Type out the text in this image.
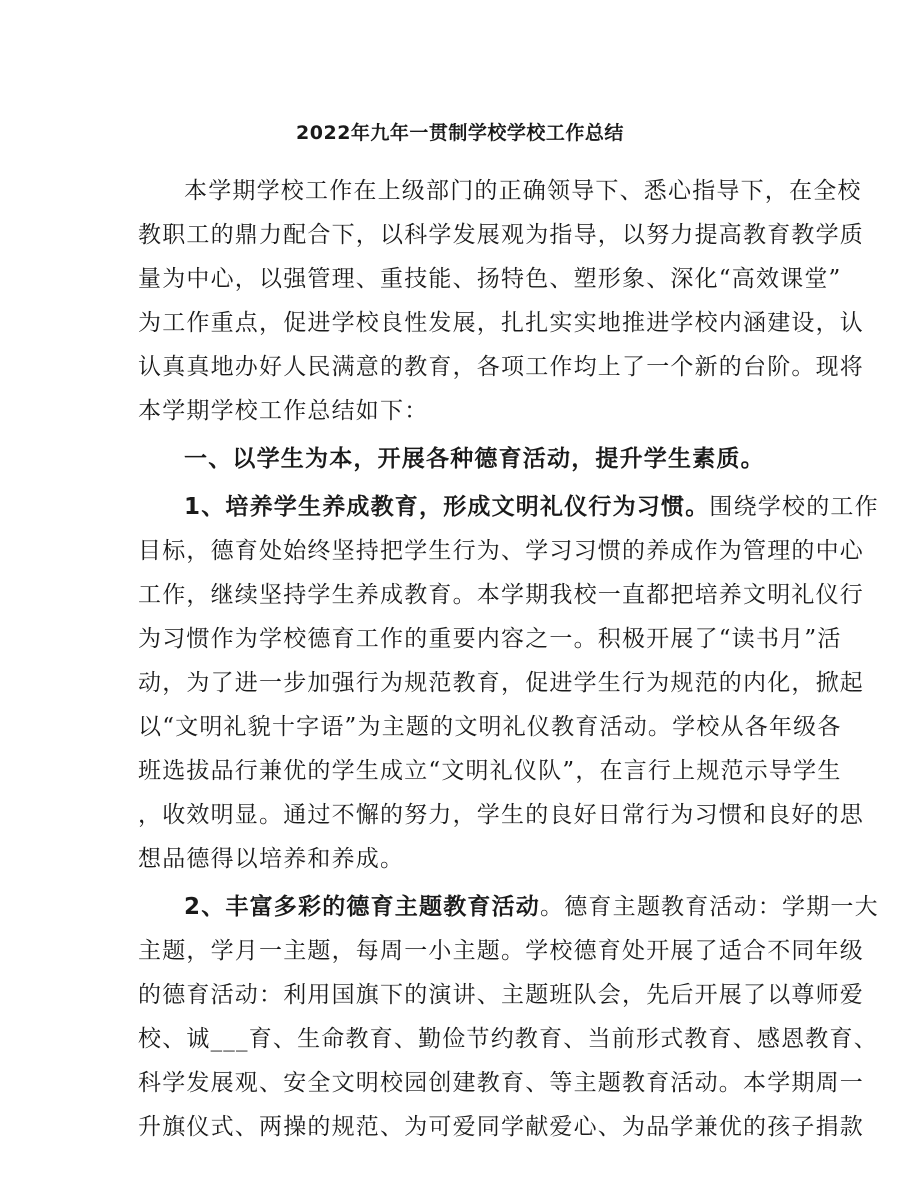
2022年九年一贯制学校学校工作总结
本学期学校工作在上级部门的正确领导下、悉心指导下，在全校
教职工的鼎力配合下，以科学发展观为指导，以努力提高教育教学质
量为中心，以强管理、重技能、扬特色、塑形象、深化“高效课堂”
为工作重点，促进学校良性发展，扎扎实实地推进学校内涵建设，认
认真真地办好人民满意的教育，各项工作均上了一个新的台阶。现将
本学期学校工作总结如下：
一、以学生为本，开展各种德育活动，提升学生素质。
1、培养学生养成教育，形成文明礼仪行为习惯。围绕学校的工作
目标，德育处始终坚持把学生行为、学习习惯的养成作为管理的中心
工作，继续坚持学生养成教育。本学期我校一直都把培养文明礼仪行
为习惯作为学校德育工作的重要内容之一。积极开展了“读书月”活
动，为了进一步加强行为规范教育，促进学生行为规范的内化，掀起
以“文明礼貌十字语”为主题的文明礼仪教育活动。学校从各年级各
班选拔品行兼优的学生成立“文明礼仪队”，在言行上规范示导学生
，收效明显。通过不懈的努力，学生的良好日常行为习惯和良好的思
想品德得以培养和养成。
2、丰富多彩的德育主题教育活动。德育主题教育活动：学期一大
主题，学月一主题，每周一小主题。学校德育处开展了适合不同年级
的德育活动：利用国旗下的演讲、主题班队会，先后开展了以尊师爱
校、诚___育、生命教育、勤俭节约教育、当前形式教育、感恩教育、
科学发展观、安全文明校园创建教育、等主题教育活动。本学期周一
升旗仪式、两操的规范、为可爱同学献爱心、为品学兼优的孩子捐款
